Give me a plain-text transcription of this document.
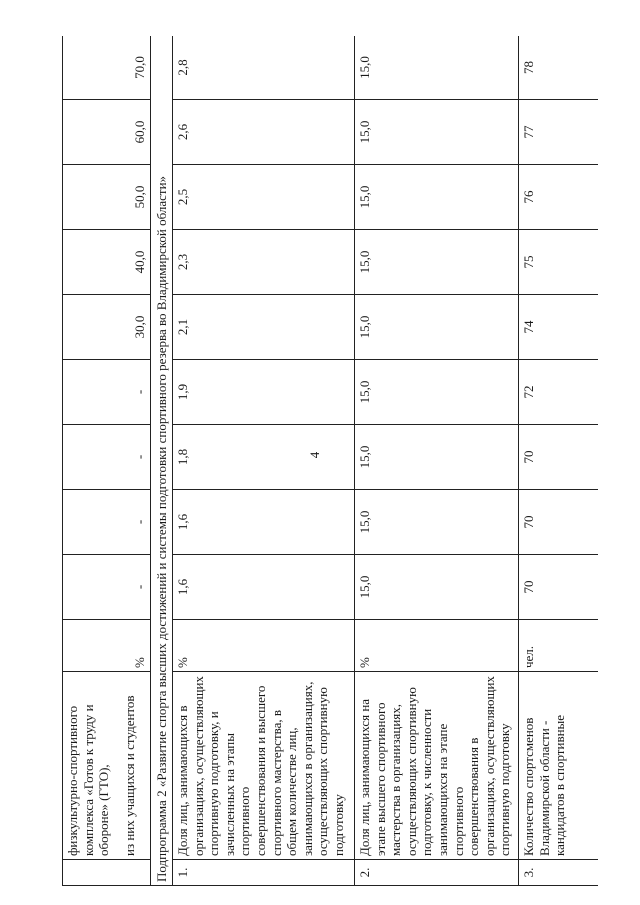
4

	физкультурно-спортивного комплекса «Готов к труду и обороне» (ГТО), из них учащихся и студентов	%	-	-	-	-	30,0	40,0	50,0	60,0	70,0
Подпрограмма 2 «Развитие спорта высших достижений и системы подготовки спортивного резерва во Владимирской области»											
1.	Доля лиц, занимающихся в организациях, осуществляющих спортивную подготовку, и зачисленных на этапы спортивного совершенствования и высшего спортивного мастерства, в общем количестве лиц, занимающихся в организациях, осуществляющих спортивную подготовку	%	1,6	1,6	1,8	1,9	2,1	2,3	2,5	2,6	2,8
2.	Доля лиц, занимающихся на этапе высшего спортивного мастерства в организациях, осуществляющих спортивную подготовку, к численности занимающихся на этапе спортивного совершенствования в организациях, осуществляющих спортивную подготовку	%	15,0	15,0	15,0	15,0	15,0	15,0	15,0	15,0	15,0
3.	Количество спортсменов Владимирской области - кандидатов в спортивные	чел.	70	70	70	72	74	75	76	77	78
